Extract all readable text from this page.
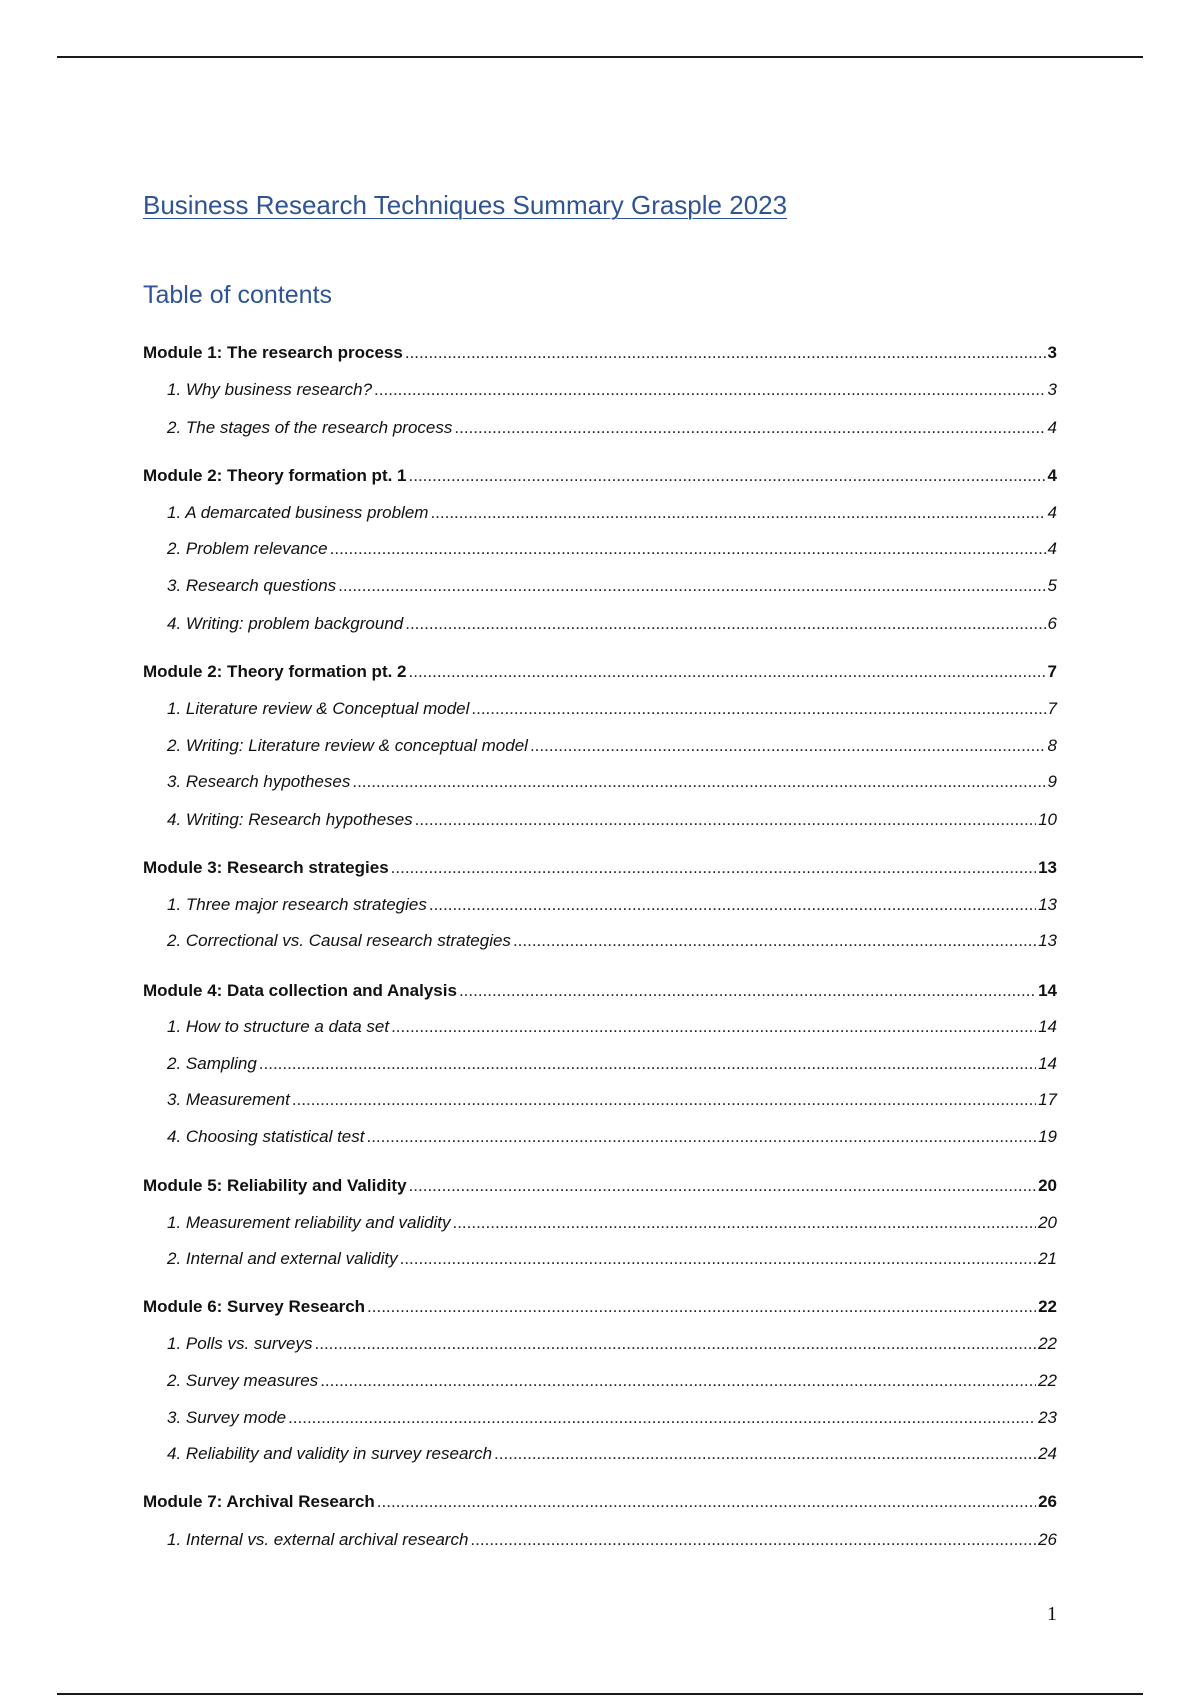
Business Research Techniques Summary Grasple 2023
Table of contents
Module 1: The research process .....	3
1. Why business research? .....	3
2. The stages of the research process .....	4
Module 2: Theory formation pt. 1 .....	4
1. A demarcated business problem .....	4
2. Problem relevance .....	4
3. Research questions .....	5
4. Writing: problem background .....	6
Module 2: Theory formation pt. 2 .....	7
1. Literature review & Conceptual model .....	7
2. Writing: Literature review & conceptual model .....	8
3. Research hypotheses .....	9
4. Writing: Research hypotheses .....	10
Module 3: Research strategies .....	13
1. Three major research strategies .....	13
2. Correctional vs. Causal research strategies .....	13
Module 4: Data collection and Analysis .....	14
1. How to structure a data set .....	14
2. Sampling .....	14
3. Measurement .....	17
4. Choosing statistical test .....	19
Module 5: Reliability and Validity .....	20
1. Measurement reliability and validity .....	20
2. Internal and external validity .....	21
Module 6: Survey Research .....	22
1. Polls vs. surveys .....	22
2. Survey measures .....	22
3. Survey mode .....	23
4. Reliability and validity in survey research .....	24
Module 7: Archival Research .....	26
1. Internal vs. external archival research .....	26
1
